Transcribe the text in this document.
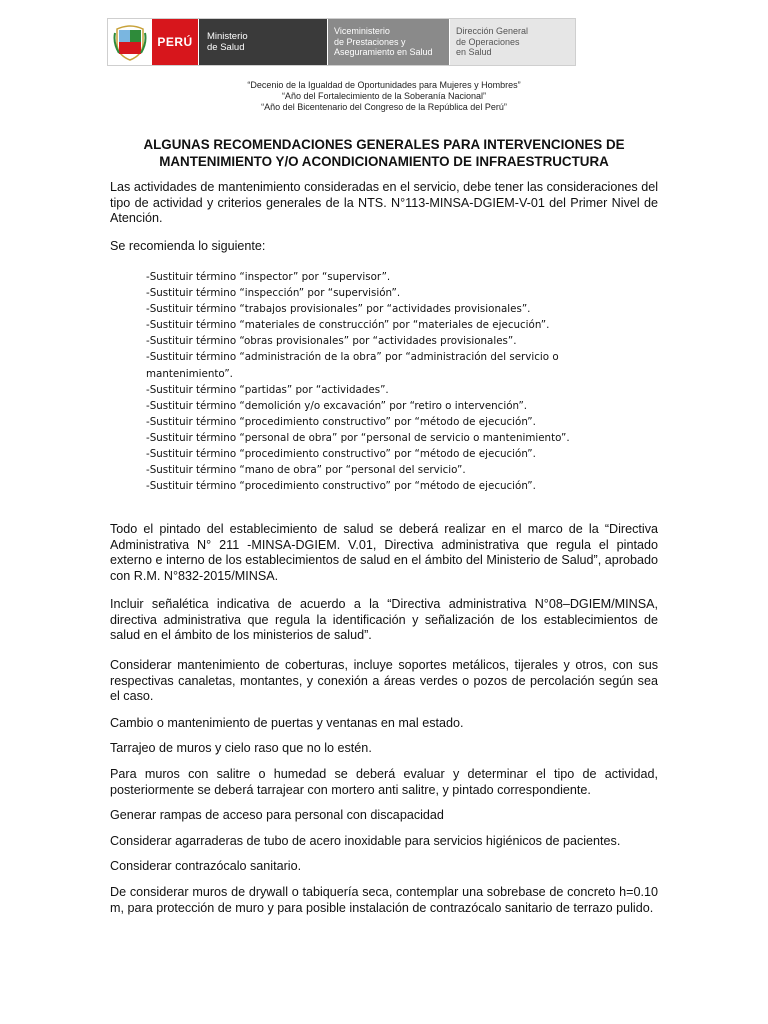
PERÚ Ministerio
de Salud
Viceministerio
de Prestaciones y
Aseguramiento en Salud
Dirección General
de Operaciones
en Salud
“Decenio de la Igualdad de Oportunidades para Mujeres y Hombres”
“Año del Fortalecimiento de la Soberanía Nacional”
“Año del Bicentenario del Congreso de la República del Perú”
ALGUNAS RECOMENDACIONES GENERALES PARA INTERVENCIONES DE MANTENIMIENTO Y/O ACONDICIONAMIENTO DE INFRAESTRUCTURA

Las actividades de mantenimiento consideradas en el servicio, debe tener las consideraciones del tipo de actividad y criterios generales de la NTS. N°113-MINSA-DGIEM-V-01 del Primer Nivel de Atención.

Se recomienda lo siguiente:

-Sustituir término “inspector” por “supervisor”.
-Sustituir término “inspección” por “supervisión”.
-Sustituir término “trabajos provisionales” por “actividades provisionales”.
-Sustituir término “materiales de construcción” por “materiales de ejecución”.
-Sustituir término “obras provisionales” por “actividades provisionales”.
-Sustituir término “administración de la obra” por “administración del servicio o
mantenimiento”.
-Sustituir término “partidas” por “actividades”.
-Sustituir término “demolición y/o excavación” por “retiro o intervención”.
-Sustituir término “procedimiento constructivo” por “método de ejecución”.
-Sustituir término “personal de obra” por “personal de servicio o mantenimiento”.
-Sustituir término “procedimiento constructivo” por “método de ejecución”.
-Sustituir término “mano de obra” por “personal del servicio”.
-Sustituir término “procedimiento constructivo” por “método de ejecución”.

Todo el pintado del establecimiento de salud se deberá realizar en el marco de la “Directiva Administrativa N° 211 -MINSA-DGIEM. V.01, Directiva administrativa que regula el pintado externo e interno de los establecimientos de salud en el ámbito del Ministerio de Salud”, aprobado con R.M. N°832-2015/MINSA.

Incluir señalética indicativa de acuerdo a la “Directiva administrativa N°08–DGIEM/MINSA, directiva administrativa que regula la identificación y señalización de los establecimientos de salud en el ámbito de los ministerios de salud”.

Considerar mantenimiento de coberturas, incluye soportes metálicos, tijerales y otros, con sus respectivas canaletas, montantes, y conexión a áreas verdes o pozos de percolación según sea el caso.

Cambio o mantenimiento de puertas y ventanas en mal estado.

Tarrajeo de muros y cielo raso que no lo estén.

Para muros con salitre o humedad se deberá evaluar y determinar el tipo de actividad, posteriormente se deberá tarrajear con mortero anti salitre, y pintado correspondiente.

Generar rampas de acceso para personal con discapacidad

Considerar agarraderas de tubo de acero inoxidable para servicios higiénicos de pacientes.

Considerar contrazócalo sanitario.

De considerar muros de drywall o tabiquería seca, contemplar una sobrebase de concreto h=0.10 m, para protección de muro y para posible instalación de contrazócalo sanitario de terrazo pulido.
